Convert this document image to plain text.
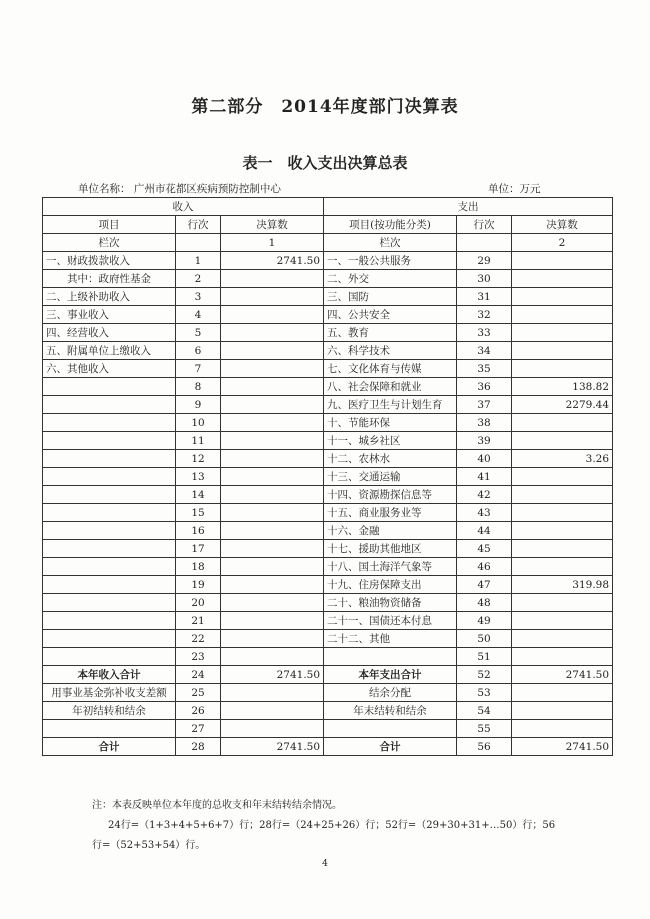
第二部分　2014年度部门决算表
表一　收入支出决算总表
单位名称： 广州市花都区疾病预防控制中心	单位：万元
收入			支出		
项目	行次	决算数	项目(按功能分类)	行次	决算数
栏次		1	栏次		2
一、财政拨款收入	1	2741.50	一、一般公共服务	29	
　　其中：政府性基金	2		二、外交	30	
二、上级补助收入	3		三、国防	31	
三、事业收入	4		四、公共安全	32	
四、经营收入	5		五、教育	33	
五、附属单位上缴收入	6		六、科学技术	34	
六、其他收入	7		七、文化体育与传媒	35	
	8		八、社会保障和就业	36	138.82
	9		九、医疗卫生与计划生育	37	2279.44
	10		十、节能环保	38	
	11		十一、城乡社区	39	
	12		十二、农林水	40	3.26
	13		十三、交通运输	41	
	14		十四、资源勘探信息等	42	
	15		十五、商业服务业等	43	
	16		十六、金融	44	
	17		十七、援助其他地区	45	
	18		十八、国土海洋气象等	46	
	19		十九、住房保障支出	47	319.98
	20		二十、粮油物资储备	48	
	21		二十一、国债还本付息	49	
	22		二十二、其他	50	
	23			51	
本年收入合计	24	2741.50	本年支出合计	52	2741.50
用事业基金弥补收支差额	25		结余分配	53	
年初结转和结余	26		年末结转和结余	54	
	27			55	
合计	28	2741.50	合计	56	2741.50
注：本表反映单位本年度的总收支和年末结转结余情况。
24行=（1+3+4+5+6+7）行；28行=（24+25+26）行；52行=（29+30+31+…50）行；56
行=（52+53+54）行。
4
